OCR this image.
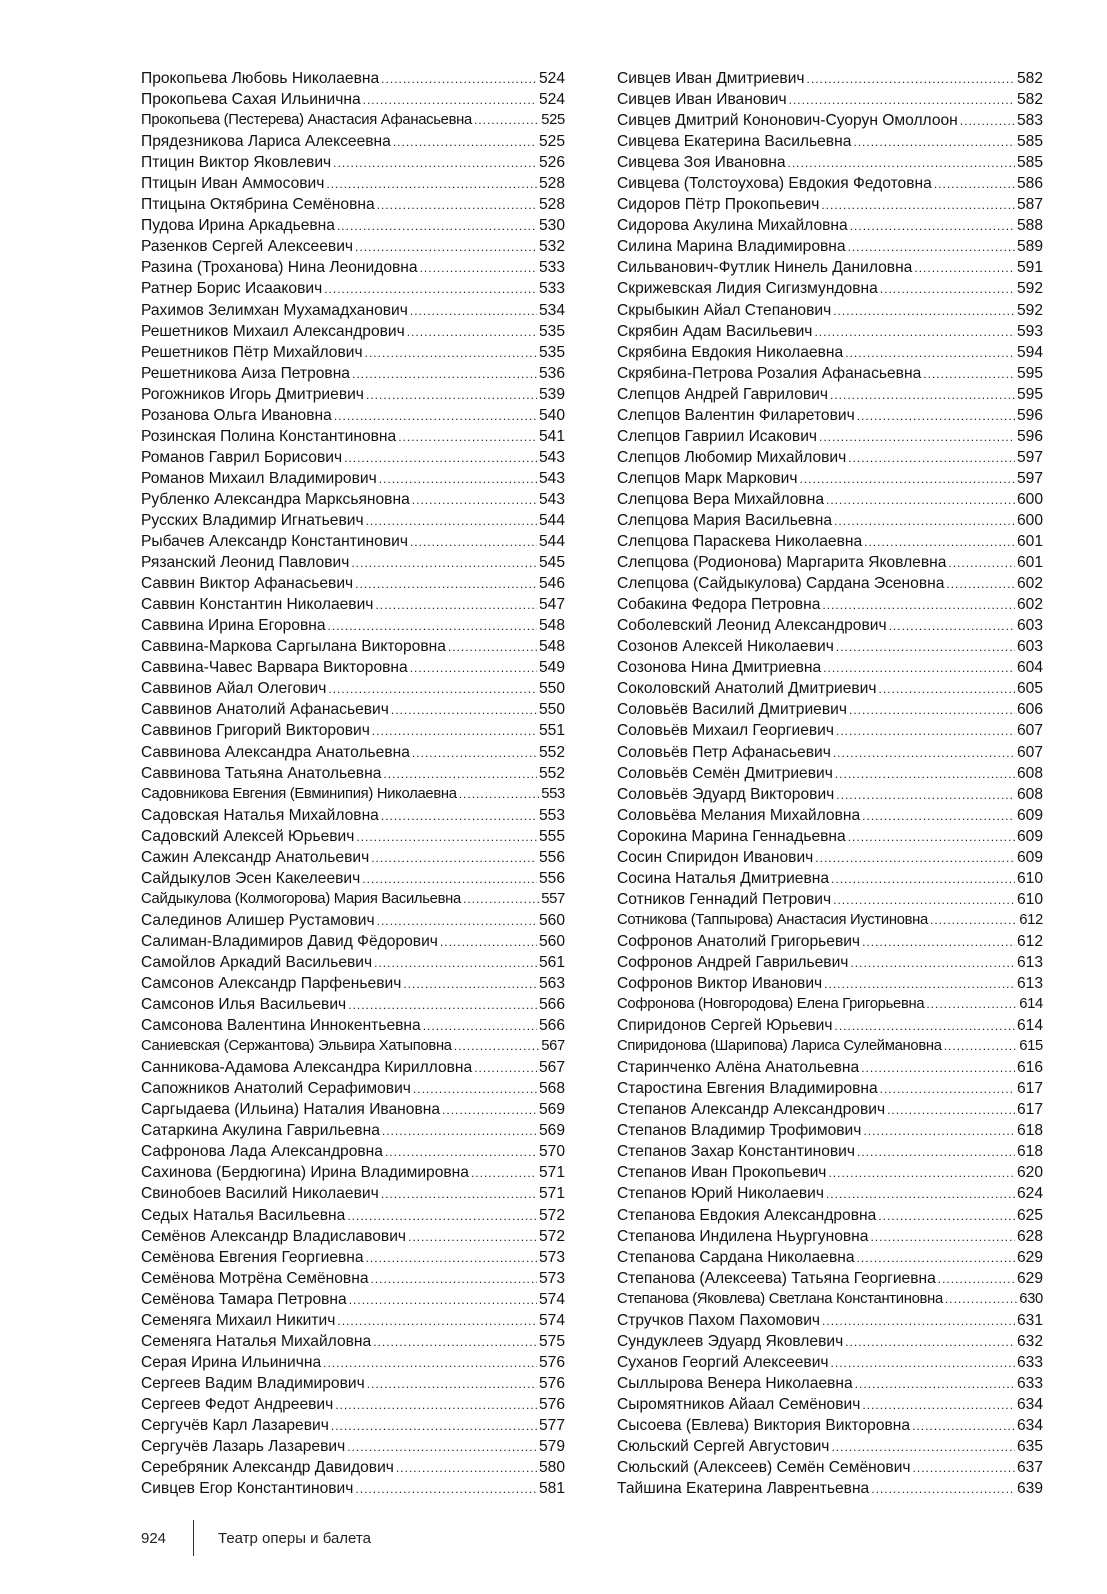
Прокопьева Любовь Николаевна .....	524
Прокопьева Сахая Ильинична .....	524
Прокопьева (Пестерева) Анастасия Афанасьевна .....	525
Прядезникова Лариса Алексеевна .....	525
Птицин Виктор Яковлевич .....	526
Птицын Иван Аммосович .....	528
Птицына Октябрина Семёновна .....	528
Пудова Ирина Аркадьевна .....	530
Разенков Сергей Алексеевич .....	532
Разина (Троханова) Нина Леонидовна .....	533
Ратнер Борис Исаакович .....	533
Рахимов Зелимхан Мухамадханович .....	534
Решетников Михаил Александрович .....	535
Решетников Пётр Михайлович .....	535
Решетникова Аиза Петровна .....	536
Рогожников Игорь Дмитриевич .....	539
Розанова Ольга Ивановна .....	540
Розинская Полина Константиновна .....	541
Романов Гаврил Борисович .....	543
Романов Михаил Владимирович .....	543
Рубленко Александра Марксьяновна .....	543
Русских Владимир Игнатьевич .....	544
Рыбачев Александр Константинович .....	544
Рязанский Леонид Павлович .....	545
Саввин Виктор Афанасьевич .....	546
Саввин Константин Николаевич .....	547
Саввина Ирина Егоровна .....	548
Саввина-Маркова Саргылана Викторовна .....	548
Саввина-Чавес Варвара Викторовна .....	549
Саввинов Айал Олегович .....	550
Саввинов Анатолий Афанасьевич .....	550
Саввинов Григорий Викторович .....	551
Саввинова Александра Анатольевна .....	552
Саввинова Татьяна Анатольевна .....	552
Садовникова Евгения (Евминипия) Николаевна .....	553
Садовская Наталья Михайловна .....	553
Садовский Алексей Юрьевич .....	555
Сажин Александр Анатольевич .....	556
Сайдыкулов Эсен Какелеевич .....	556
Сайдыкулова (Колмогорова) Мария Васильевна .....	557
Салединов Алишер Рустамович .....	560
Салиман-Владимиров Давид Фёдорович .....	560
Самойлов Аркадий Васильевич .....	561
Самсонов Александр Парфеньевич .....	563
Самсонов Илья Васильевич .....	566
Самсонова Валентина Иннокентьевна .....	566
Саниевская (Сержантова) Эльвира Хатыповна .....	567
Санникова-Адамова Александра Кирилловна .....	567
Сапожников Анатолий Серафимович .....	568
Саргыдаева (Ильина) Наталия Ивановна .....	569
Сатаркина Акулина Гаврильевна .....	569
Сафронова Лада Александровна .....	570
Сахинова (Бердюгина) Ирина Владимировна .....	571
Свинобоев Василий Николаевич .....	571
Седых Наталья Васильевна .....	572
Семёнов Александр Владиславович .....	572
Семёнова Евгения Георгиевна .....	573
Семёнова Мотрёна Семёновна .....	573
Семёнова Тамара Петровна .....	574
Семеняга Михаил Никитич .....	574
Семеняга Наталья Михайловна .....	575
Серая Ирина Ильинична .....	576
Сергеев Вадим Владимирович .....	576
Сергеев Федот Андреевич .....	576
Сергучёв Карл Лазаревич .....	577
Сергучёв Лазарь Лазаревич .....	579
Серебряник Александр Давидович .....	580
Сивцев Егор Константинович .....	581
Сивцев Иван Дмитриевич .....	582
Сивцев Иван Иванович .....	582
Сивцев Дмитрий Кононович-Суорун Омоллоон .....	583
Сивцева Екатерина Васильевна .....	585
Сивцева Зоя Ивановна .....	585
Сивцева (Толстоухова) Евдокия Федотовна .....	586
Сидоров Пётр Прокопьевич .....	587
Сидорова Акулина Михайловна .....	588
Силина Марина Владимировна .....	589
Сильванович-Футлик Нинель Даниловна .....	591
Скрижевская Лидия Сигизмундовна .....	592
Скрыбыкин Айал Степанович .....	592
Скрябин Адам Васильевич .....	593
Скрябина Евдокия Николаевна .....	594
Скрябина-Петрова Розалия Афанасьевна .....	595
Слепцов Андрей Гаврилович .....	595
Слепцов Валентин Филаретович .....	596
Слепцов Гавриил Исакович .....	596
Слепцов Любомир Михайлович .....	597
Слепцов Марк Маркович .....	597
Слепцова Вера Михайловна .....	600
Слепцова Мария Васильевна .....	600
Слепцова Параскева Николаевна .....	601
Слепцова (Родионова) Маргарита Яковлевна .....	601
Слепцова (Сайдыкулова) Сардана Эсеновна .....	602
Собакина Федора Петровна .....	602
Соболевский Леонид Александрович .....	603
Созонов Алексей Николаевич .....	603
Созонова Нина Дмитриевна .....	604
Соколовский Анатолий Дмитриевич .....	605
Соловьёв Василий Дмитриевич .....	606
Соловьёв Михаил Георгиевич .....	607
Соловьёв Петр Афанасьевич .....	607
Соловьёв Семён Дмитриевич .....	608
Соловьёв Эдуард Викторович .....	608
Соловьёва Мелания Михайловна .....	609
Сорокина Марина Геннадьевна .....	609
Сосин Спиридон Иванович .....	609
Сосина Наталья Дмитриевна .....	610
Сотников Геннадий Петрович .....	610
Сотникова (Таппырова) Анастасия Иустиновна .....	612
Софронов Анатолий Григорьевич .....	612
Софронов Андрей Гаврильевич .....	613
Софронов Виктор Иванович .....	613
Софронова (Новгородова) Елена Григорьевна .....	614
Спиридонов Сергей Юрьевич .....	614
Спиридонова (Шарипова) Лариса Сулеймановна .....	615
Старинченко Алёна Анатольевна .....	616
Старостина Евгения Владимировна .....	617
Степанов Александр Александрович .....	617
Степанов Владимир Трофимович .....	618
Степанов Захар Константинович .....	618
Степанов Иван Прокопьевич .....	620
Степанов Юрий Николаевич .....	624
Степанова Евдокия Александровна .....	625
Степанова Индилена Ньургуновна .....	628
Степанова Сардана Николаевна .....	629
Степанова (Алексеева) Татьяна Георгиевна .....	629
Степанова (Яковлева) Светлана Константиновна .....	630
Стручков Пахом Пахомович .....	631
Сундуклеев Эдуард Яковлевич .....	632
Суханов Георгий Алексеевич .....	633
Сыллырова Венера Николаевна .....	633
Сыромятников Айаал Семёнович .....	634
Сысоева (Евлева) Виктория Викторовна .....	634
Сюльский Сергей Августович .....	635
Сюльский (Алексеев) Семён Семёнович .....	637
Тайшина Екатерина Лаврентьевна .....	639
924	Театр оперы и балета
